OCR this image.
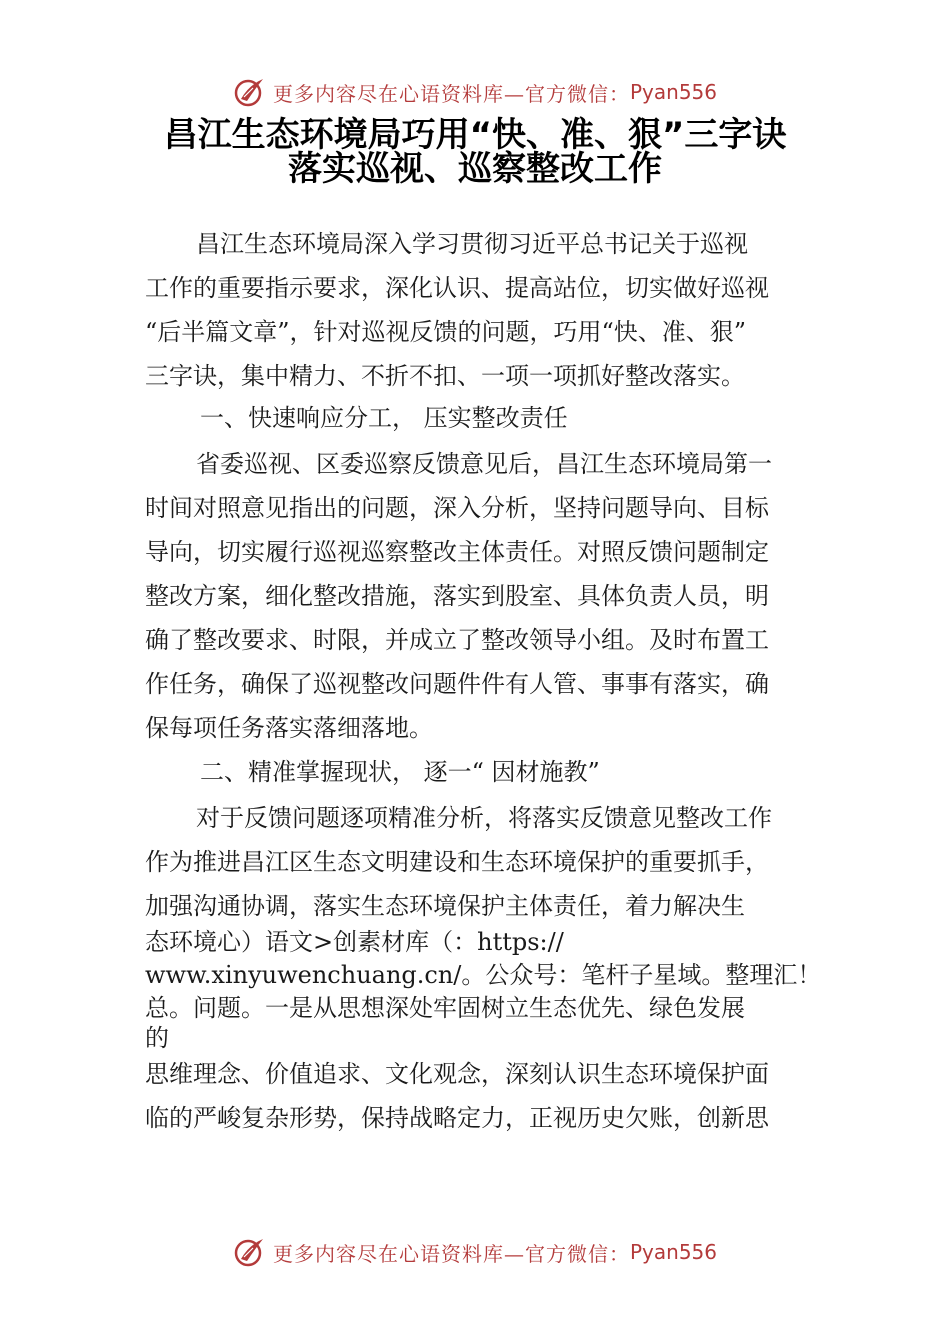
更多内容尽在心语资料库—官方微信： Pyan556
昌江生态环境局巧用“快、准、狠”三字诀
落实巡视、巡察整改工作
昌江生态环境局深入学习贯彻习近平总书记关于巡视
工作的重要指示要求，深化认识、提高站位，切实做好巡视
“后半篇文章”，针对巡视反馈的问题，巧用“快、准、狠”
三字诀，集中精力、不折不扣、一项一项抓好整改落实。
一、快速响应分工， 压实整改责任
省委巡视、区委巡察反馈意见后，昌江生态环境局第一
时间对照意见指出的问题，深入分析，坚持问题导向、目标
导向，切实履行巡视巡察整改主体责任。对照反馈问题制定
整改方案，细化整改措施，落实到股室、具体负责人员，明
确了整改要求、时限，并成立了整改领导小组。及时布置工
作任务，确保了巡视整改问题件件有人管、事事有落实，确
保每项任务落实落细落地。
二、精准掌握现状， 逐一“ 因材施教”
对于反馈问题逐项精准分析，将落实反馈意见整改工作
作为推进昌江区生态文明建设和生态环境保护的重要抓手，
加强沟通协调，落实生态环境保护主体责任，着力解决生
态环境心）语文>创素材库（：https://
www.xinyuwenchuang.cn/。公众号：笔杆子星域。整理汇！
总。问题。一是从思想深处牢固树立生态优先、绿色发展
的
思维理念、价值追求、文化观念，深刻认识生态环境保护面
临的严峻复杂形势，保持战略定力，正视历史欠账，创新思
更多内容尽在心语资料库—官方微信： Pyan556
